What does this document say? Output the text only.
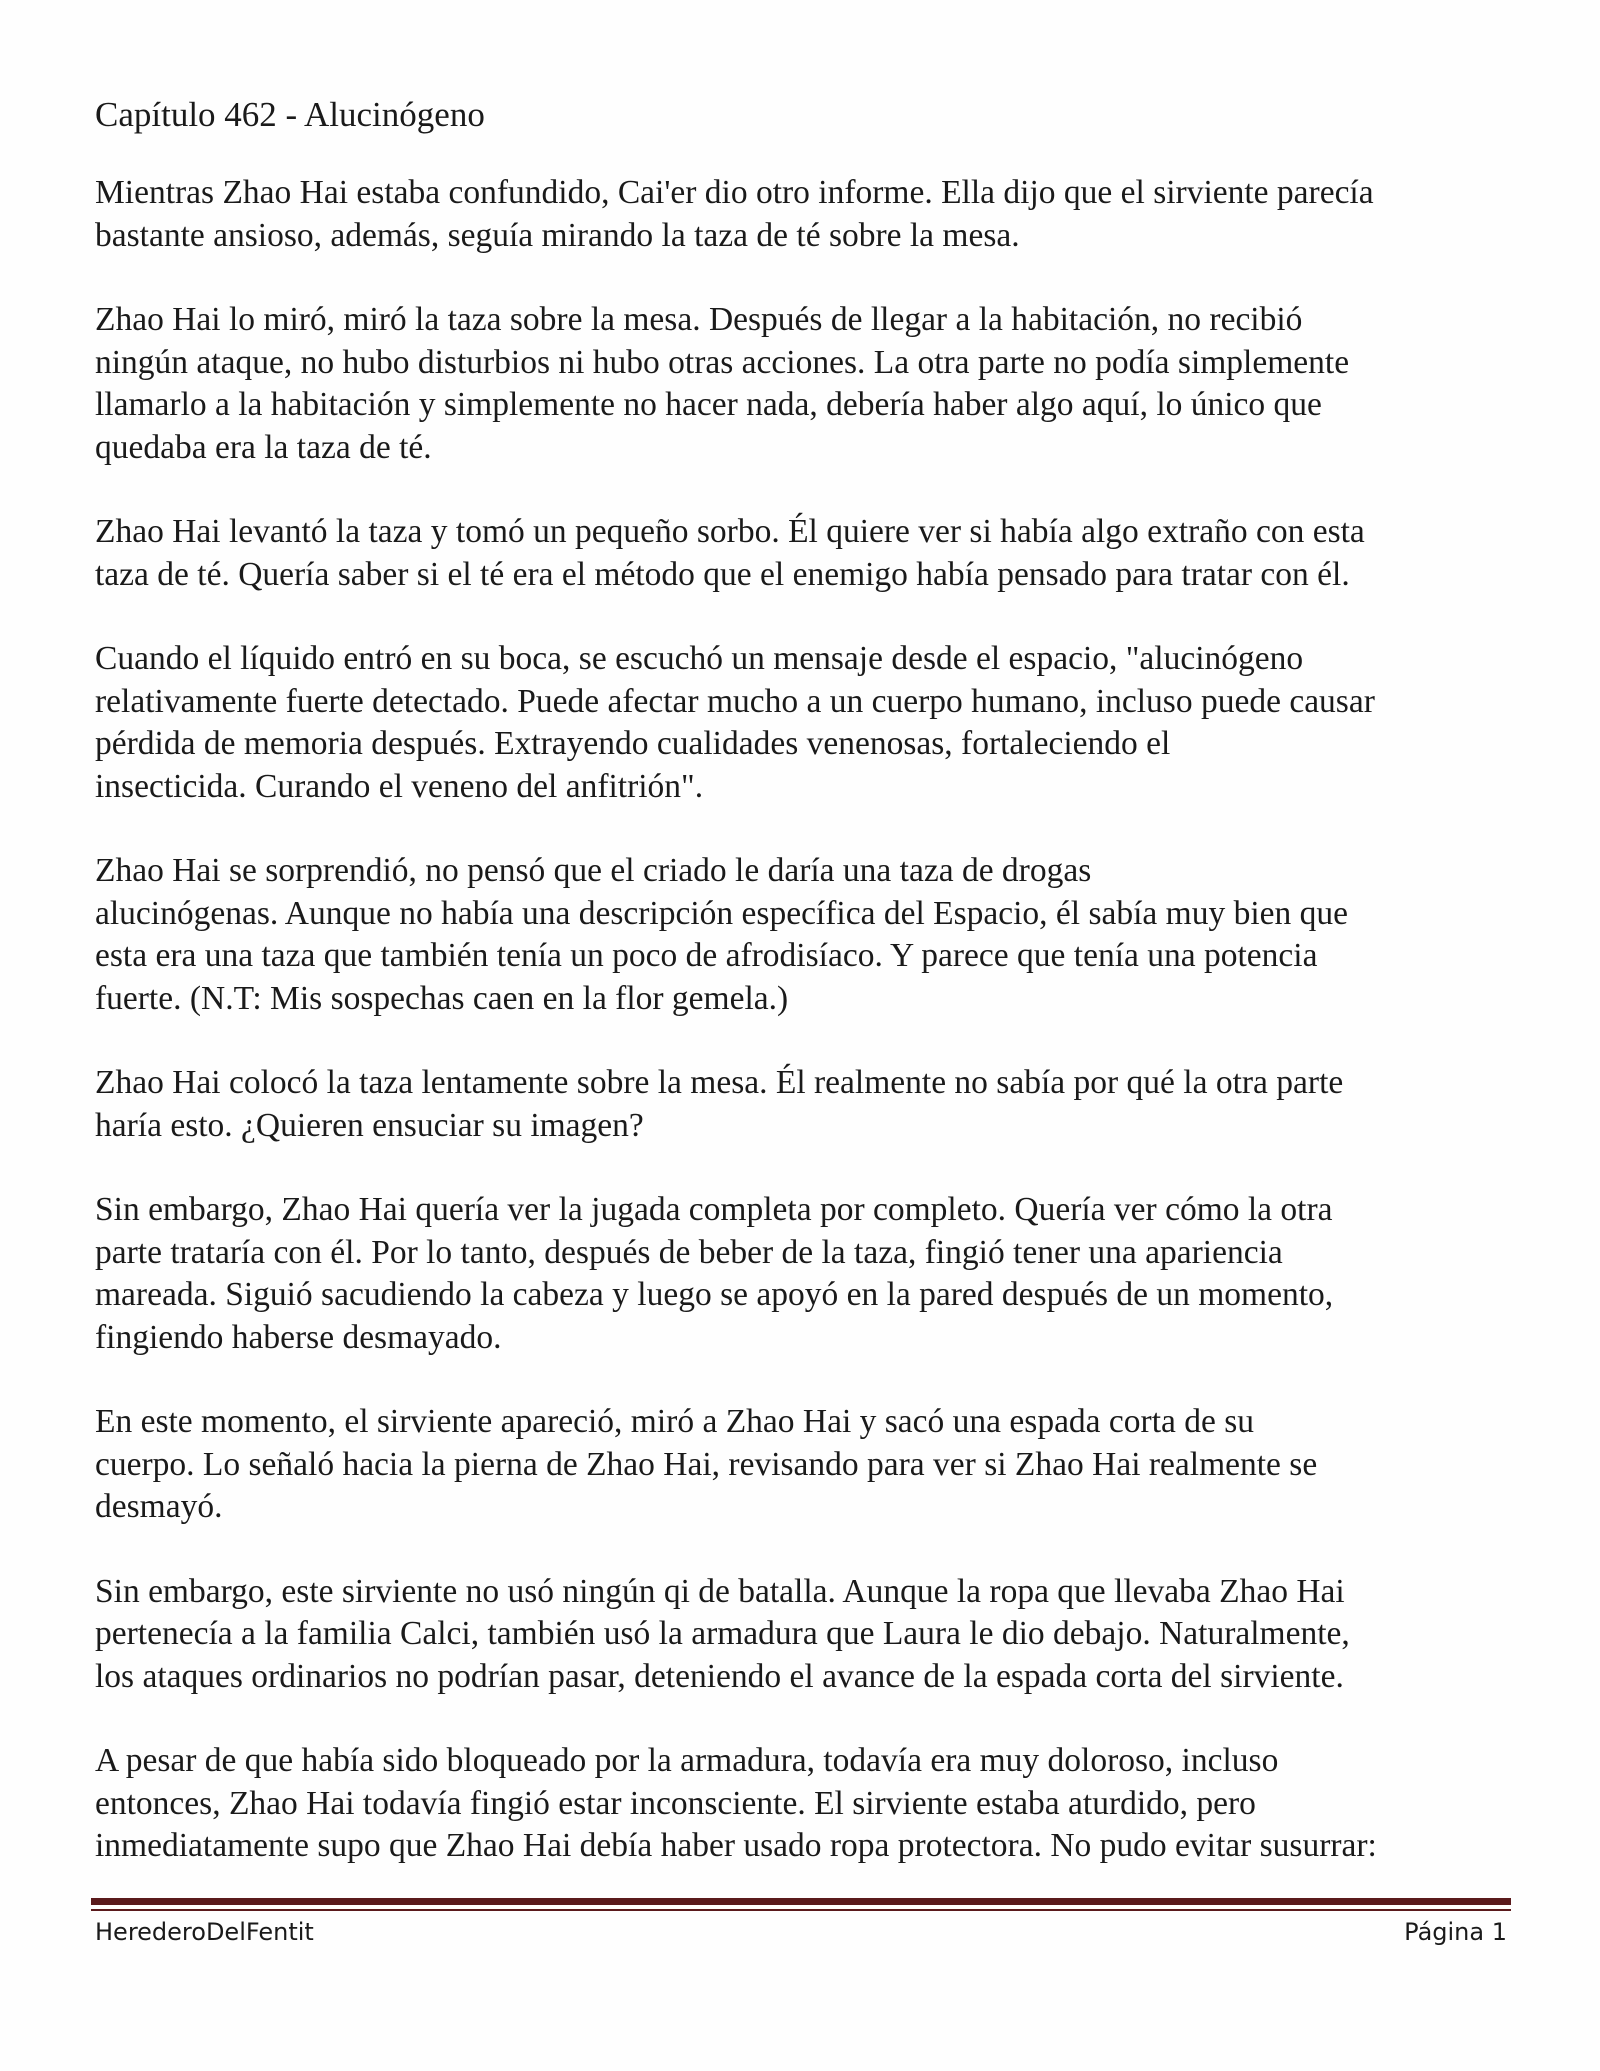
Capítulo 462 - Alucinógeno

Mientras Zhao Hai estaba confundido, Cai'er dio otro informe. Ella dijo que el sirviente parecía
bastante ansioso, además, seguía mirando la taza de té sobre la mesa.

Zhao Hai lo miró, miró la taza sobre la mesa. Después de llegar a la habitación, no recibió
ningún ataque, no hubo disturbios ni hubo otras acciones. La otra parte no podía simplemente
llamarlo a la habitación y simplemente no hacer nada, debería haber algo aquí, lo único que
quedaba era la taza de té.

Zhao Hai levantó la taza y tomó un pequeño sorbo. Él quiere ver si había algo extraño con esta
taza de té. Quería saber si el té era el método que el enemigo había pensado para tratar con él.

Cuando el líquido entró en su boca, se escuchó un mensaje desde el espacio, "alucinógeno
relativamente fuerte detectado. Puede afectar mucho a un cuerpo humano, incluso puede causar
pérdida de memoria después. Extrayendo cualidades venenosas, fortaleciendo el
insecticida. Curando el veneno del anfitrión".

Zhao Hai se sorprendió, no pensó que el criado le daría una taza de drogas
alucinógenas. Aunque no había una descripción específica del Espacio, él sabía muy bien que
esta era una taza que también tenía un poco de afrodisíaco. Y parece que tenía una potencia
fuerte. (N.T: Mis sospechas caen en la flor gemela.)

Zhao Hai colocó la taza lentamente sobre la mesa. Él realmente no sabía por qué la otra parte
haría esto. ¿Quieren ensuciar su imagen?

Sin embargo, Zhao Hai quería ver la jugada completa por completo. Quería ver cómo la otra
parte trataría con él. Por lo tanto, después de beber de la taza, fingió tener una apariencia
mareada. Siguió sacudiendo la cabeza y luego se apoyó en la pared después de un momento,
fingiendo haberse desmayado.

En este momento, el sirviente apareció, miró a Zhao Hai y sacó una espada corta de su
cuerpo. Lo señaló hacia la pierna de Zhao Hai, revisando para ver si Zhao Hai realmente se
desmayó.

Sin embargo, este sirviente no usó ningún qi de batalla. Aunque la ropa que llevaba Zhao Hai
pertenecía a la familia Calci, también usó la armadura que Laura le dio debajo. Naturalmente,
los ataques ordinarios no podrían pasar, deteniendo el avance de la espada corta del sirviente.

A pesar de que había sido bloqueado por la armadura, todavía era muy doloroso, incluso
entonces, Zhao Hai todavía fingió estar inconsciente. El sirviente estaba aturdido, pero
inmediatamente supo que Zhao Hai debía haber usado ropa protectora. No pudo evitar susurrar:

HerederoDelFentit	Página 1
